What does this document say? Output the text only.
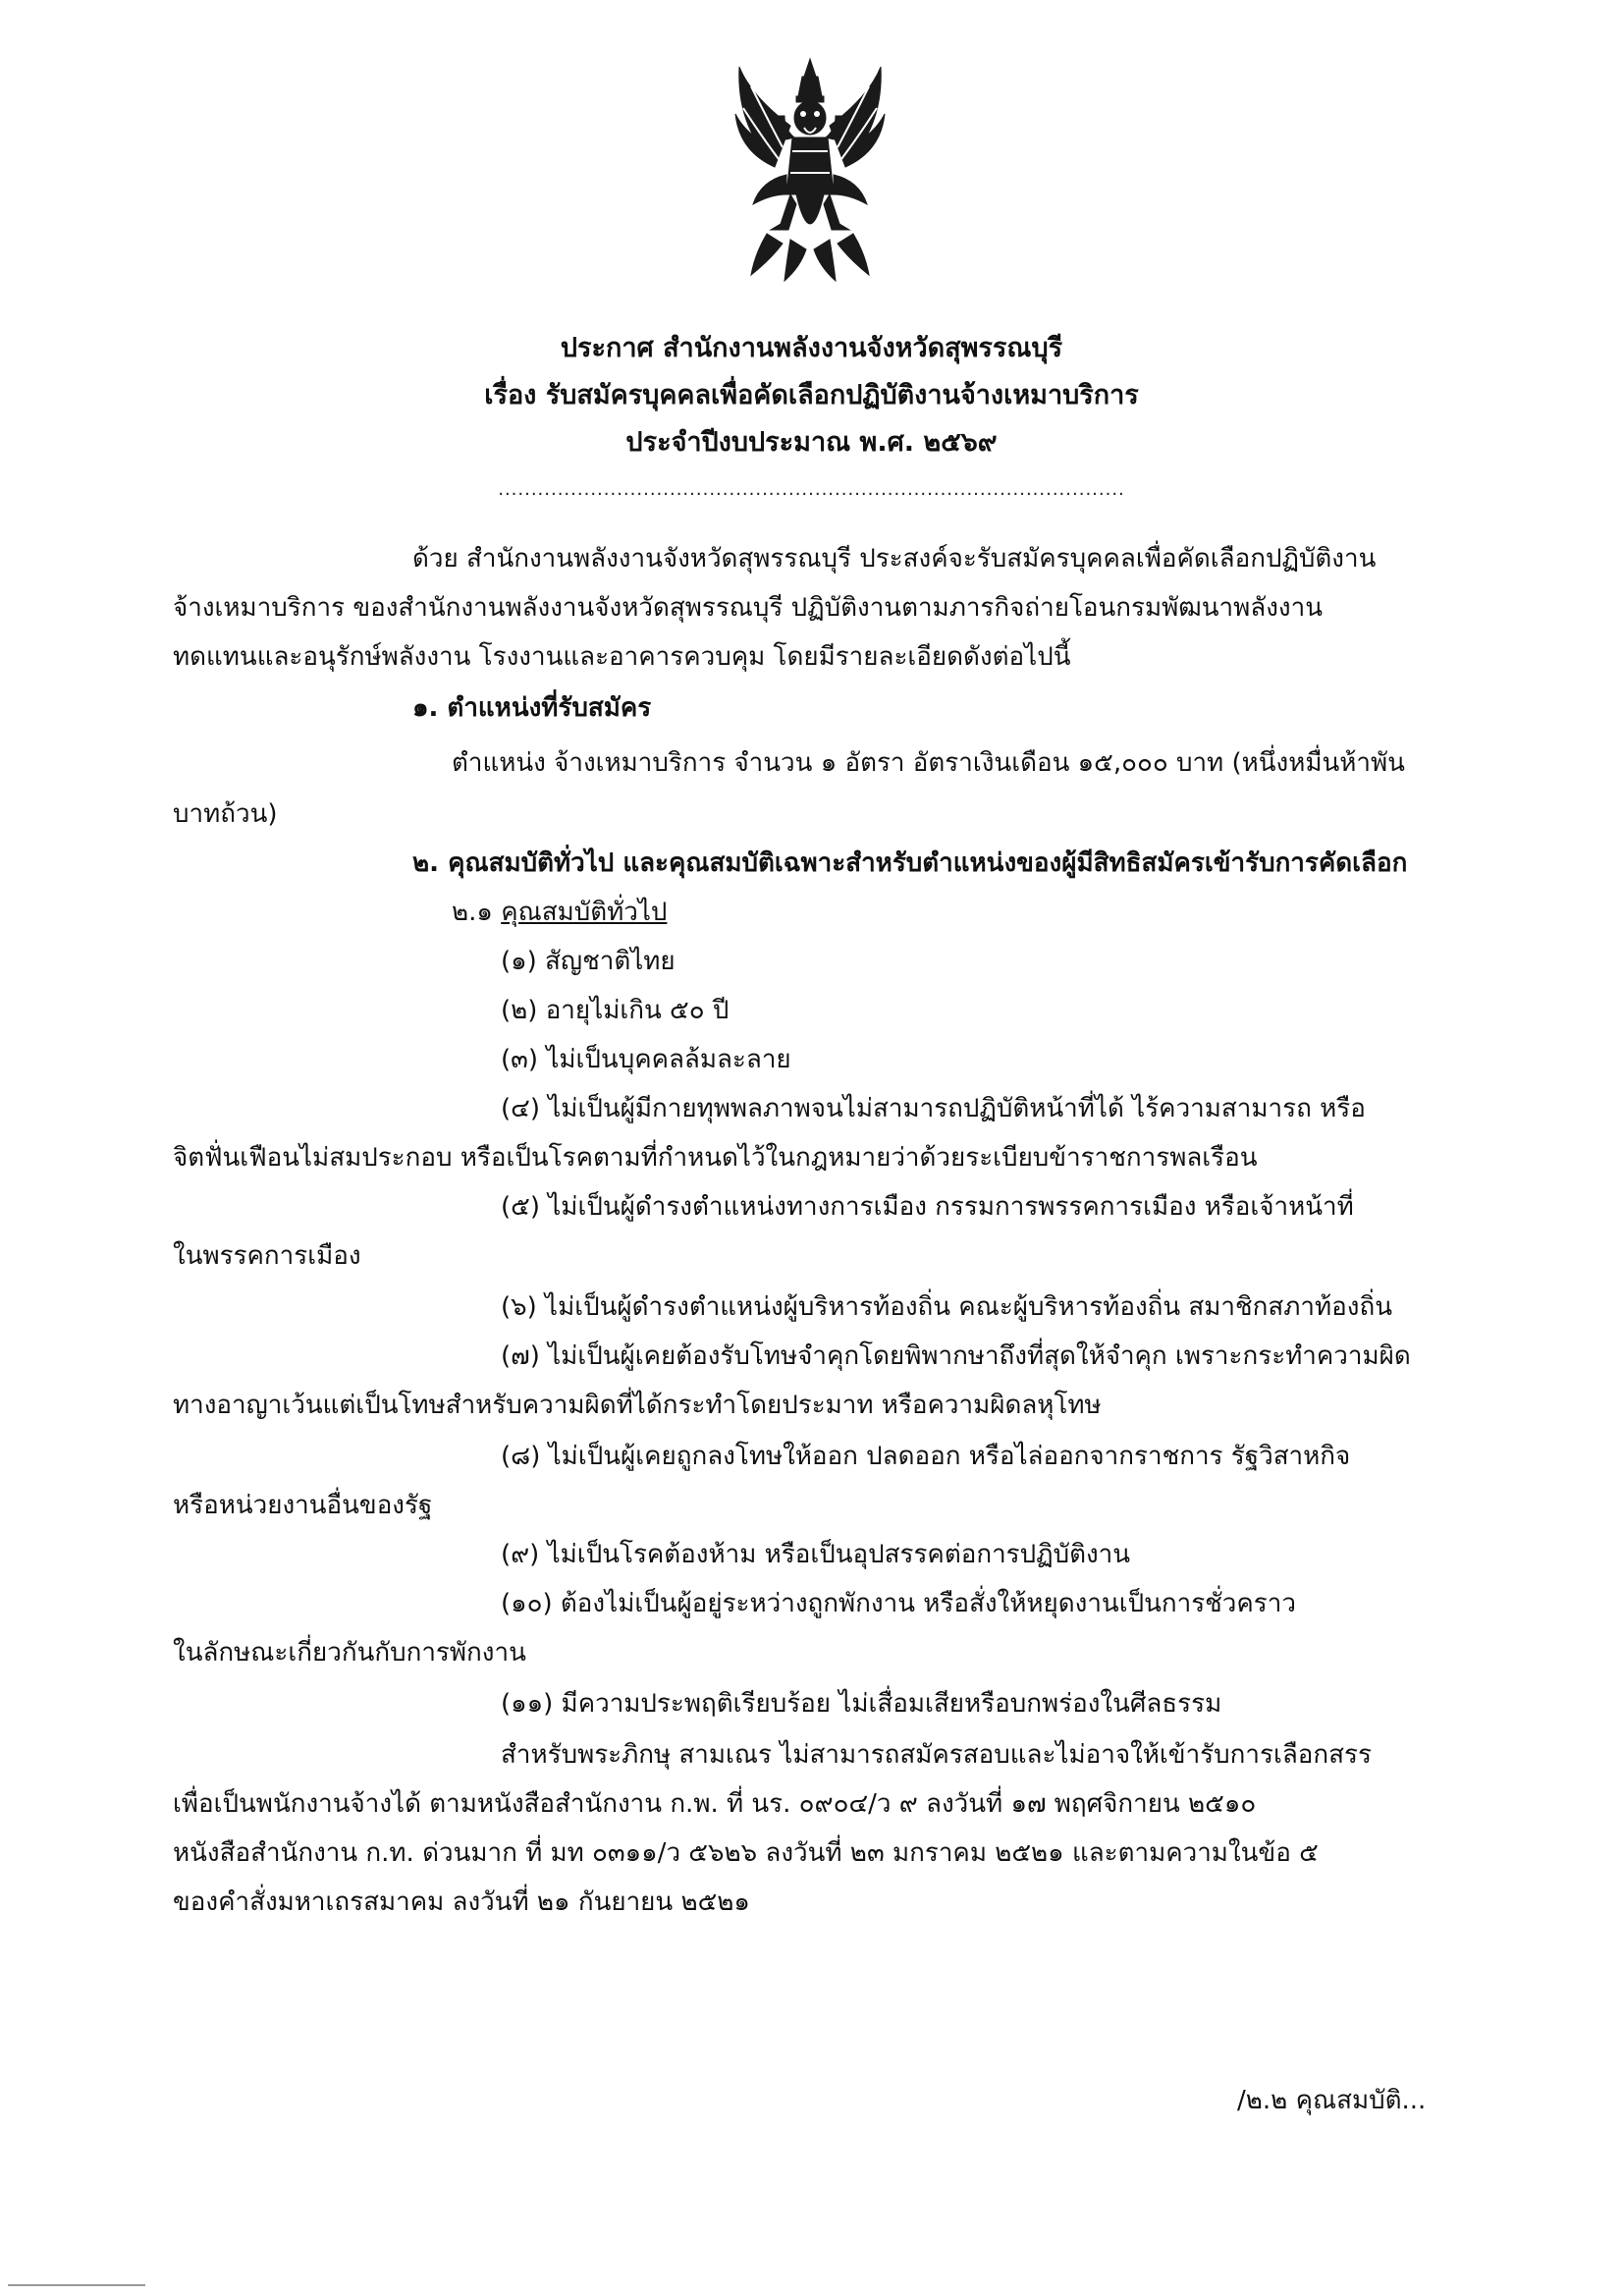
ประกาศ สำนักงานพลังงานจังหวัดสุพรรณบุรี
เรื่อง รับสมัครบุคคลเพื่อคัดเลือกปฏิบัติงานจ้างเหมาบริการ
ประจำปีงบประมาณ พ.ศ. ๒๕๖๙
...............................................................................................
ด้วย สำนักงานพลังงานจังหวัดสุพรรณบุรี ประสงค์จะรับสมัครบุคคลเพื่อคัดเลือกปฏิบัติงาน
จ้างเหมาบริการ ของสำนักงานพลังงานจังหวัดสุพรรณบุรี ปฏิบัติงานตามภารกิจถ่ายโอนกรมพัฒนาพลังงาน
ทดแทนและอนุรักษ์พลังงาน โรงงานและอาคารควบคุม โดยมีรายละเอียดดังต่อไปนี้
๑. ตำแหน่งที่รับสมัคร
ตำแหน่ง จ้างเหมาบริการ จำนวน ๑ อัตรา อัตราเงินเดือน ๑๕,๐๐๐ บาท (หนึ่งหมื่นห้าพัน
บาทถ้วน)
๒. คุณสมบัติทั่วไป และคุณสมบัติเฉพาะสำหรับตำแหน่งของผู้มีสิทธิสมัครเข้ารับการคัดเลือก
๒.๑ คุณสมบัติทั่วไป
(๑) สัญชาติไทย
(๒) อายุไม่เกิน ๕๐ ปี
(๓) ไม่เป็นบุคคลล้มละลาย
(๔) ไม่เป็นผู้มีกายทุพพลภาพจนไม่สามารถปฏิบัติหน้าที่ได้ ไร้ความสามารถ หรือ
จิตฟั่นเฟือนไม่สมประกอบ หรือเป็นโรคตามที่กำหนดไว้ในกฎหมายว่าด้วยระเบียบข้าราชการพลเรือน
(๕) ไม่เป็นผู้ดำรงตำแหน่งทางการเมือง กรรมการพรรคการเมือง หรือเจ้าหน้าที่
ในพรรคการเมือง
(๖) ไม่เป็นผู้ดำรงตำแหน่งผู้บริหารท้องถิ่น คณะผู้บริหารท้องถิ่น สมาชิกสภาท้องถิ่น
(๗) ไม่เป็นผู้เคยต้องรับโทษจำคุกโดยพิพากษาถึงที่สุดให้จำคุก เพราะกระทำความผิด
ทางอาญาเว้นแต่เป็นโทษสำหรับความผิดที่ได้กระทำโดยประมาท หรือความผิดลหุโทษ
(๘) ไม่เป็นผู้เคยถูกลงโทษให้ออก ปลดออก หรือไล่ออกจากราชการ รัฐวิสาหกิจ
หรือหน่วยงานอื่นของรัฐ
(๙) ไม่เป็นโรคต้องห้าม หรือเป็นอุปสรรคต่อการปฏิบัติงาน
(๑๐) ต้องไม่เป็นผู้อยู่ระหว่างถูกพักงาน หรือสั่งให้หยุดงานเป็นการชั่วคราว
ในลักษณะเกี่ยวกันกับการพักงาน
(๑๑) มีความประพฤติเรียบร้อย ไม่เสื่อมเสียหรือบกพร่องในศีลธรรม
สำหรับพระภิกษุ สามเณร ไม่สามารถสมัครสอบและไม่อาจให้เข้ารับการเลือกสรร
เพื่อเป็นพนักงานจ้างได้ ตามหนังสือสำนักงาน ก.พ. ที่ นร. ๐๙๐๔/ว ๙ ลงวันที่ ๑๗ พฤศจิกายน ๒๕๑๐
หนังสือสำนักงาน ก.ท. ด่วนมาก ที่ มท ๐๓๑๑/ว ๕๖๒๖ ลงวันที่ ๒๓ มกราคม ๒๕๒๑ และตามความในข้อ ๕
ของคำสั่งมหาเถรสมาคม ลงวันที่ ๒๑ กันยายน ๒๕๒๑
/๒.๒ คุณสมบัติ...
